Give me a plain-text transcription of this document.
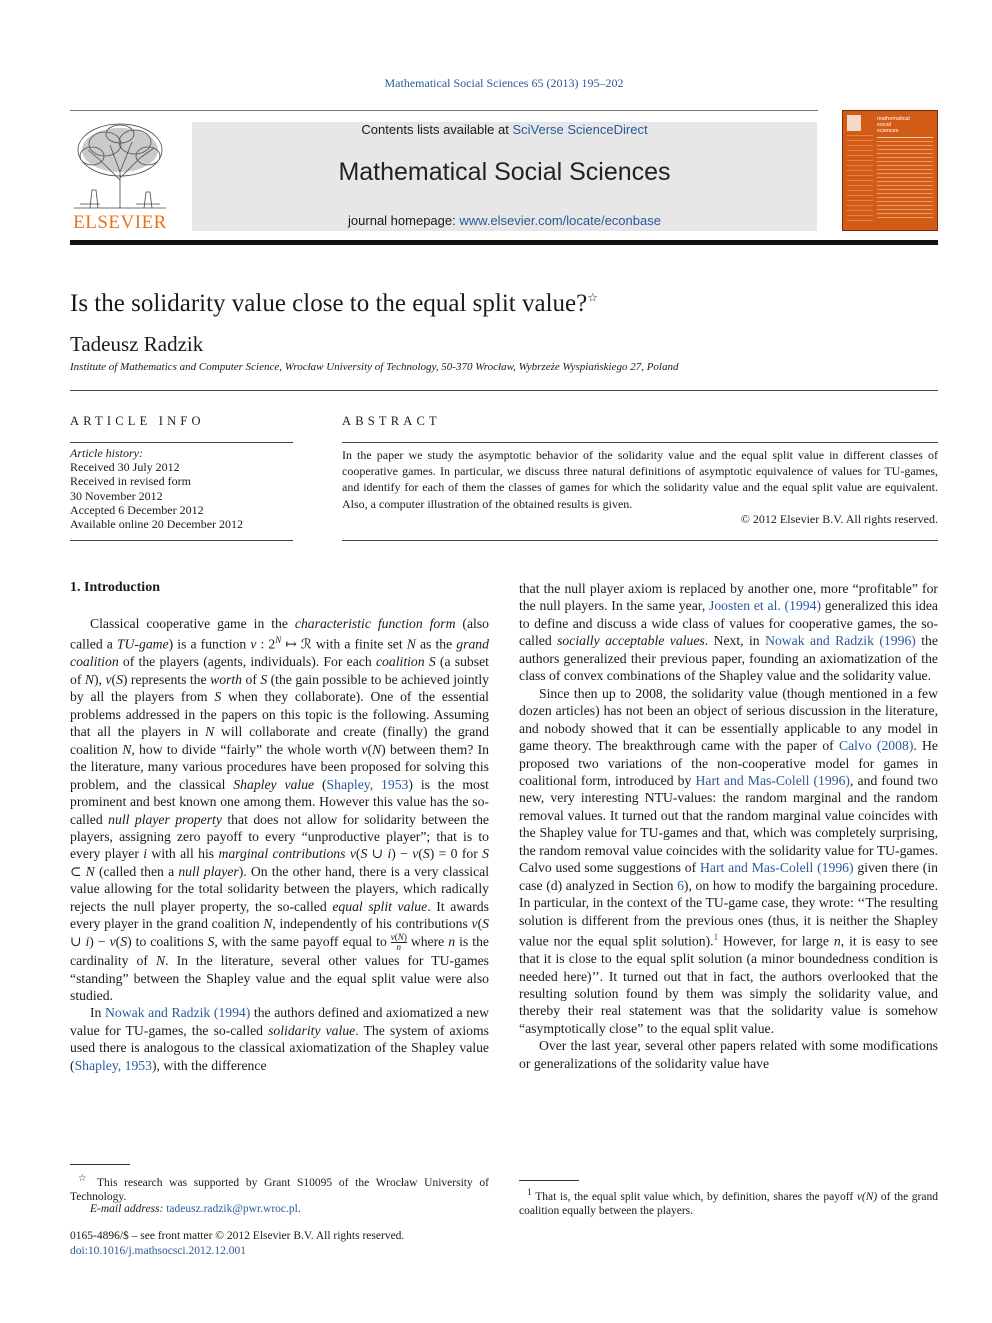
Mathematical Social Sciences 65 (2013) 195–202
ELSEVIER
Contents lists available at SciVerse ScienceDirect
Mathematical Social Sciences
journal homepage: www.elsevier.com/locate/econbase
mathematical
social
sciences
Is the solidarity value close to the equal split value?☆
Tadeusz Radzik
Institute of Mathematics and Computer Science, Wrocław University of Technology, 50-370 Wrocław, Wybrzeże Wyspiańskiego 27, Poland
ARTICLE INFO
Article history:
Received 30 July 2012
Received in revised form
30 November 2012
Accepted 6 December 2012
Available online 20 December 2012
ABSTRACT
In the paper we study the asymptotic behavior of the solidarity value and the equal split value in different classes of cooperative games. In particular, we discuss three natural definitions of asymptotic equivalence of values for TU-games, and identify for each of them the classes of games for which the solidarity value and the equal split value are equivalent. Also, a computer illustration of the obtained results is given.
© 2012 Elsevier B.V. All rights reserved.
1. Introduction

Classical cooperative game in the characteristic function form (also called a TU-game) is a function v : $2^N$ ↦ ℛ with a finite set N as the grand coalition of the players (agents, individuals). For each coalition S (a subset of N), v(S) represents the worth of S (the gain possible to be achieved jointly by all the players from S when they collaborate). One of the essential problems addressed in the papers on this topic is the following. Assuming that all the players in N will collaborate and create (finally) the grand coalition N, how to divide “fairly” the whole worth v(N) between them? In the literature, many various procedures have been proposed for solving this problem, and the classical Shapley value (Shapley, 1953) is the most prominent and best known one among them. However this value has the so-called null player property that does not allow for solidarity between the players, assigning zero payoff to every “unproductive player”; that is to every player i with all his marginal contributions v(S ∪ i) − v(S) = 0 for S ⊂ N (called then a null player). On the other hand, there is a very classical value allowing for the total solidarity between the players, which radically rejects the null player property, the so-called equal split value. It awards every player in the grand coalition N, independently of his contributions v(S ∪ i) − v(S) to coalitions S, with the same payoff equal to $\frac{v(N)}{n}$ where n is the cardinality of N. In the literature, several other values for TU-games “standing” between the Shapley value and the equal split value were also studied.

In Nowak and Radzik (1994) the authors defined and axiomatized a new value for TU-games, the so-called solidarity value. The system of axioms used there is analogous to the classical axiomatization of the Shapley value (Shapley, 1953), with the difference

that the null player axiom is replaced by another one, more “profitable” for the null players. In the same year, Joosten et al. (1994) generalized this idea to define and discuss a wide class of values for cooperative games, the so-called socially acceptable values. Next, in Nowak and Radzik (1996) the authors generalized their previous paper, founding an axiomatization of the class of convex combinations of the Shapley value and the solidarity value.

Since then up to 2008, the solidarity value (though mentioned in a few dozen articles) has not been an object of serious discussion in the literature, and nobody showed that it can be essentially applicable to any model in game theory. The breakthrough came with the paper of Calvo (2008). He proposed two variations of the non-cooperative model for games in coalitional form, introduced by Hart and Mas-Colell (1996), and found two new, very interesting NTU-values: the random marginal and the random removal values. It turned out that the random marginal value coincides with the Shapley value for TU-games and that, which was completely surprising, the random removal value coincides with the solidarity value for TU-games. Calvo used some suggestions of Hart and Mas-Colell (1996) given there (in case (d) analyzed in Section 6), on how to modify the bargaining procedure. In particular, in the context of the TU-game case, they wrote: ‘‘The resulting solution is different from the previous ones (thus, it is neither the Shapley value nor the equal split solution).$^1$ However, for large n, it is easy to see that it is close to the equal split solution (a minor boundedness condition is needed here)’’. It turned out that in fact, the authors overlooked that the resulting solution found by them was simply the solidarity value, and thereby their real statement was that the solidarity value is somehow “asymptotically close” to the equal split value.

Over the last year, several other papers related with some modifications or generalizations of the solidarity value have

☆ This research was supported by Grant S10095 of the Wrocław University of Technology.
E-mail address: tadeusz.radzik@pwr.wroc.pl.
$^1$ That is, the equal split value which, by definition, shares the payoff v(N) of the grand coalition equally between the players.
0165-4896/$ – see front matter © 2012 Elsevier B.V. All rights reserved.
doi:10.1016/j.mathsocsci.2012.12.001
